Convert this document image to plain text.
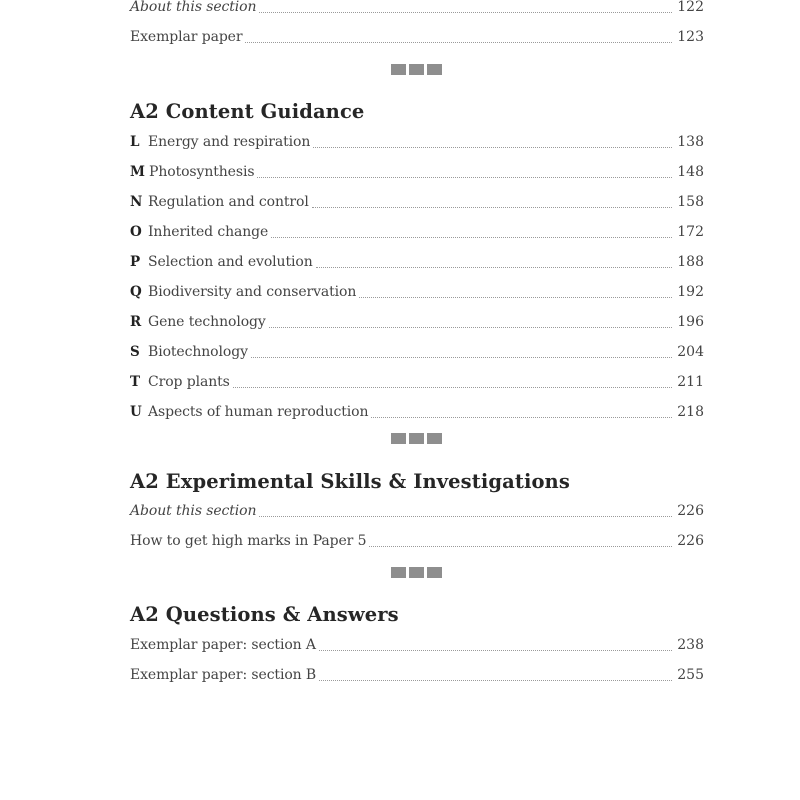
About this section	122
Exemplar paper	123
A2 Content Guidance
L Energy and respiration	138
M Photosynthesis	148
N Regulation and control	158
O Inherited change	172
P Selection and evolution	188
Q Biodiversity and conservation	192
R Gene technology	196
S Biotechnology	204
T Crop plants	211
U Aspects of human reproduction	218
A2 Experimental Skills & Investigations
About this section	226
How to get high marks in Paper 5	226
A2 Questions & Answers
Exemplar paper: section A	238
Exemplar paper: section B	255
